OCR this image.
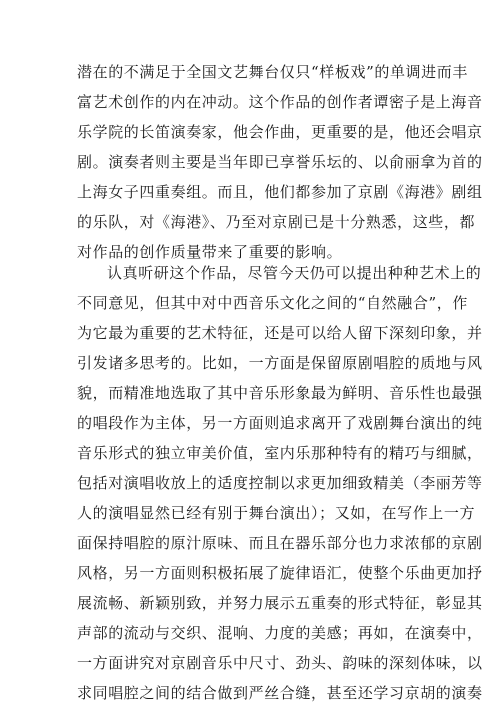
潜在的不满足于全国文艺舞台仅只“样板戏”的单调进而丰
富艺术创作的内在冲动。这个作品的创作者谭密子是上海音
乐学院的长笛演奏家，他会作曲，更重要的是，他还会唱京
剧。演奏者则主要是当年即已享誉乐坛的、以俞丽拿为首的
上海女子四重奏组。而且，他们都参加了京剧《海港》剧组
的乐队，对《海港》、乃至对京剧已是十分熟悉，这些，都
对作品的创作质量带来了重要的影响。
认真听研这个作品，尽管今天仍可以提出种种艺术上的
不同意见，但其中对中西音乐文化之间的“自然融合”，作
为它最为重要的艺术特征，还是可以给人留下深刻印象，并
引发诸多思考的。比如，一方面是保留原剧唱腔的质地与风
貌，而精准地选取了其中音乐形象最为鲜明、音乐性也最强
的唱段作为主体，另一方面则追求离开了戏剧舞台演出的纯
音乐形式的独立审美价值，室内乐那种特有的精巧与细腻，
包括对演唱收放上的适度控制以求更加细致精美（李丽芳等
人的演唱显然已经有别于舞台演出）；又如，在写作上一方
面保持唱腔的原汁原味、而且在器乐部分也力求浓郁的京剧
风格，另一方面则积极拓展了旋律语汇，使整个乐曲更加抒
展流畅、新颖别致，并努力展示五重奏的形式特征，彰显其
声部的流动与交织、混响、力度的美感；再如，在演奏中，
一方面讲究对京剧音乐中尺寸、劲头、韵味的深刻体味，以
求同唱腔之间的结合做到严丝合缝，甚至还学习京胡的演奏
